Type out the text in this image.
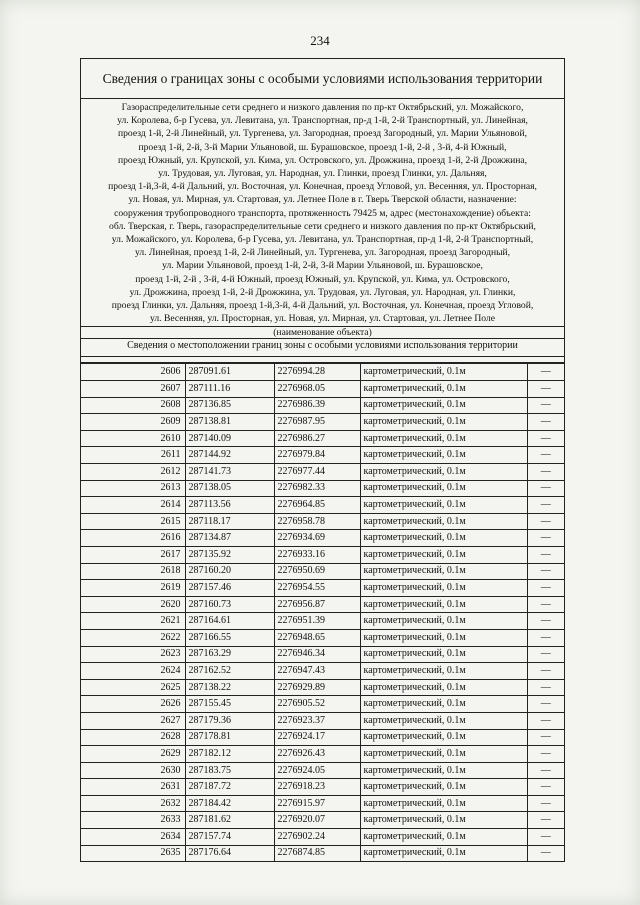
234
Сведения о границах зоны с особыми условиями использования территории
Газораспределительные сети среднего и низкого давления по пр-кт Октябрьский, ул. Можайского,
ул. Королева, б-р Гусева, ул. Левитана, ул. Транспортная, пр-д 1-й, 2-й Транспортный, ул. Линейная,
проезд 1-й, 2-й Линейный, ул. Тургенева, ул. Загородная, проезд Загородный, ул. Марии Ульяновой,
проезд 1-й, 2-й, 3-й Марии Ульяновой, ш. Бурашовское, проезд 1-й, 2-й , 3-й, 4-й Южный,
проезд Южный, ул. Крупской, ул. Кима, ул. Островского, ул. Дрожжина, проезд 1-й, 2-й Дрожжина,
ул. Трудовая, ул. Луговая, ул. Народная, ул. Глинки, проезд Глинки, ул. Дальняя,
проезд 1-й,3-й, 4-й Дальний, ул. Восточная, ул. Конечная, проезд Угловой, ул. Весенняя, ул. Просторная,
ул. Новая, ул. Мирная, ул. Стартовая, ул. Летнее Поле в г. Тверь Тверской области, назначение:
сооружения трубопроводного транспорта, протяженность 79425 м, адрес (местонахождение) объекта:
обл. Тверская, г. Тверь, газораспределительные сети среднего и низкого давления по пр-кт Октябрьский,
ул. Можайского, ул. Королева, б-р Гусева, ул. Левитана, ул. Транспортная, пр-д 1-й, 2-й Транспортный,
ул. Линейная, проезд 1-й, 2-й Линейный, ул. Тургенева, ул. Загородная, проезд Загородный,
ул. Марии Ульяновой, проезд 1-й, 2-й, 3-й Марии Ульяновой, ш. Бурашовское,
проезд 1-й, 2-й , 3-й, 4-й Южный, проезд Южный, ул. Крупской, ул. Кима, ул. Островского,
ул. Дрожжина, проезд 1-й, 2-й Дрожжина, ул. Трудовая, ул. Луговая, ул. Народная, ул. Глинки,
проезд Глинки, ул. Дальняя, проезд 1-й,3-й, 4-й Дальний, ул. Восточная, ул. Конечная, проезд Угловой,
ул. Весенняя, ул. Просторная, ул. Новая, ул. Мирная, ул. Стартовая, ул. Летнее Поле
(наименование объекта)
Сведения о местоположении границ зоны с особыми условиями использования территории
2606	287091.61	2276994.28	картометрический, 0.1м	—
2607	287111.16	2276968.05	картометрический, 0.1м	—
2608	287136.85	2276986.39	картометрический, 0.1м	—
2609	287138.81	2276987.95	картометрический, 0.1м	—
2610	287140.09	2276986.27	картометрический, 0.1м	—
2611	287144.92	2276979.84	картометрический, 0.1м	—
2612	287141.73	2276977.44	картометрический, 0.1м	—
2613	287138.05	2276982.33	картометрический, 0.1м	—
2614	287113.56	2276964.85	картометрический, 0.1м	—
2615	287118.17	2276958.78	картометрический, 0.1м	—
2616	287134.87	2276934.69	картометрический, 0.1м	—
2617	287135.92	2276933.16	картометрический, 0.1м	—
2618	287160.20	2276950.69	картометрический, 0.1м	—
2619	287157.46	2276954.55	картометрический, 0.1м	—
2620	287160.73	2276956.87	картометрический, 0.1м	—
2621	287164.61	2276951.39	картометрический, 0.1м	—
2622	287166.55	2276948.65	картометрический, 0.1м	—
2623	287163.29	2276946.34	картометрический, 0.1м	—
2624	287162.52	2276947.43	картометрический, 0.1м	—
2625	287138.22	2276929.89	картометрический, 0.1м	—
2626	287155.45	2276905.52	картометрический, 0.1м	—
2627	287179.36	2276923.37	картометрический, 0.1м	—
2628	287178.81	2276924.17	картометрический, 0.1м	—
2629	287182.12	2276926.43	картометрический, 0.1м	—
2630	287183.75	2276924.05	картометрический, 0.1м	—
2631	287187.72	2276918.23	картометрический, 0.1м	—
2632	287184.42	2276915.97	картометрический, 0.1м	—
2633	287181.62	2276920.07	картометрический, 0.1м	—
2634	287157.74	2276902.24	картометрический, 0.1м	—
2635	287176.64	2276874.85	картометрический, 0.1м	—
